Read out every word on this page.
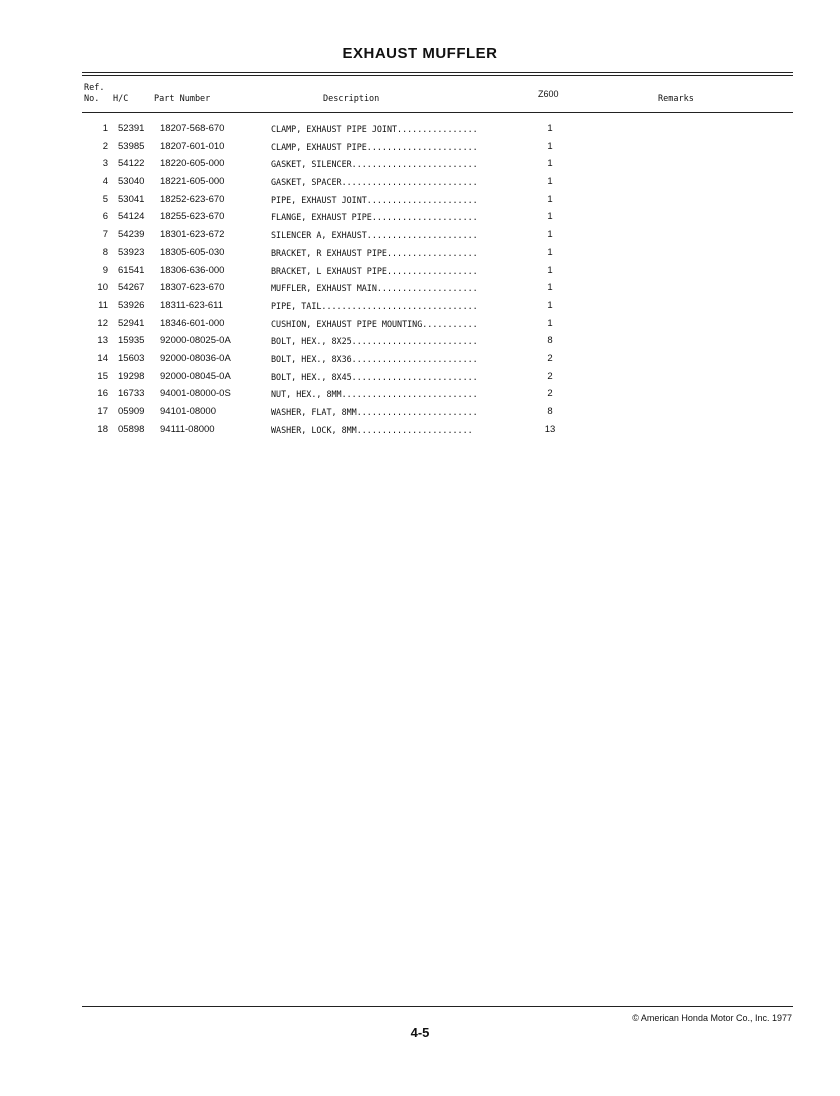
EXHAUST MUFFLER
Ref.
No. H/C	Part Number	Description	Z600	Remarks
1 52391 18207-568-670	CLAMP, EXHAUST PIPE JOINT................	1
2 53985 18207-601-010	CLAMP, EXHAUST PIPE......................	1
3 54122 18220-605-000	GASKET, SILENCER.........................	1
4 53040 18221-605-000	GASKET, SPACER...........................	1
5 53041 18252-623-670	PIPE, EXHAUST JOINT......................	1
6 54124 18255-623-670	FLANGE, EXHAUST PIPE.....................	1
7 54239 18301-623-672	SILENCER A, EXHAUST......................	1
8 53923 18305-605-030	BRACKET, R EXHAUST PIPE..................	1
9 61541 18306-636-000	BRACKET, L EXHAUST PIPE..................	1
10 54267 18307-623-670	MUFFLER, EXHAUST MAIN....................	1
11 53926 18311-623-611	PIPE, TAIL...............................	1
12 52941 18346-601-000	CUSHION, EXHAUST PIPE MOUNTING...........	1
13 15935 92000-08025-0A	BOLT, HEX., 8X25.........................	8
14 15603 92000-08036-0A	BOLT, HEX., 8X36.........................	2
15 19298 92000-08045-0A	BOLT, HEX., 8X45.........................	2
16 16733 94001-08000-0S	NUT, HEX., 8MM...........................	2
17 05909 94101-08000	WASHER, FLAT, 8MM........................	8
18 05898 94111-08000	WASHER, LOCK, 8MM.......................	13
© American Honda Motor Co., Inc. 1977
4-5
